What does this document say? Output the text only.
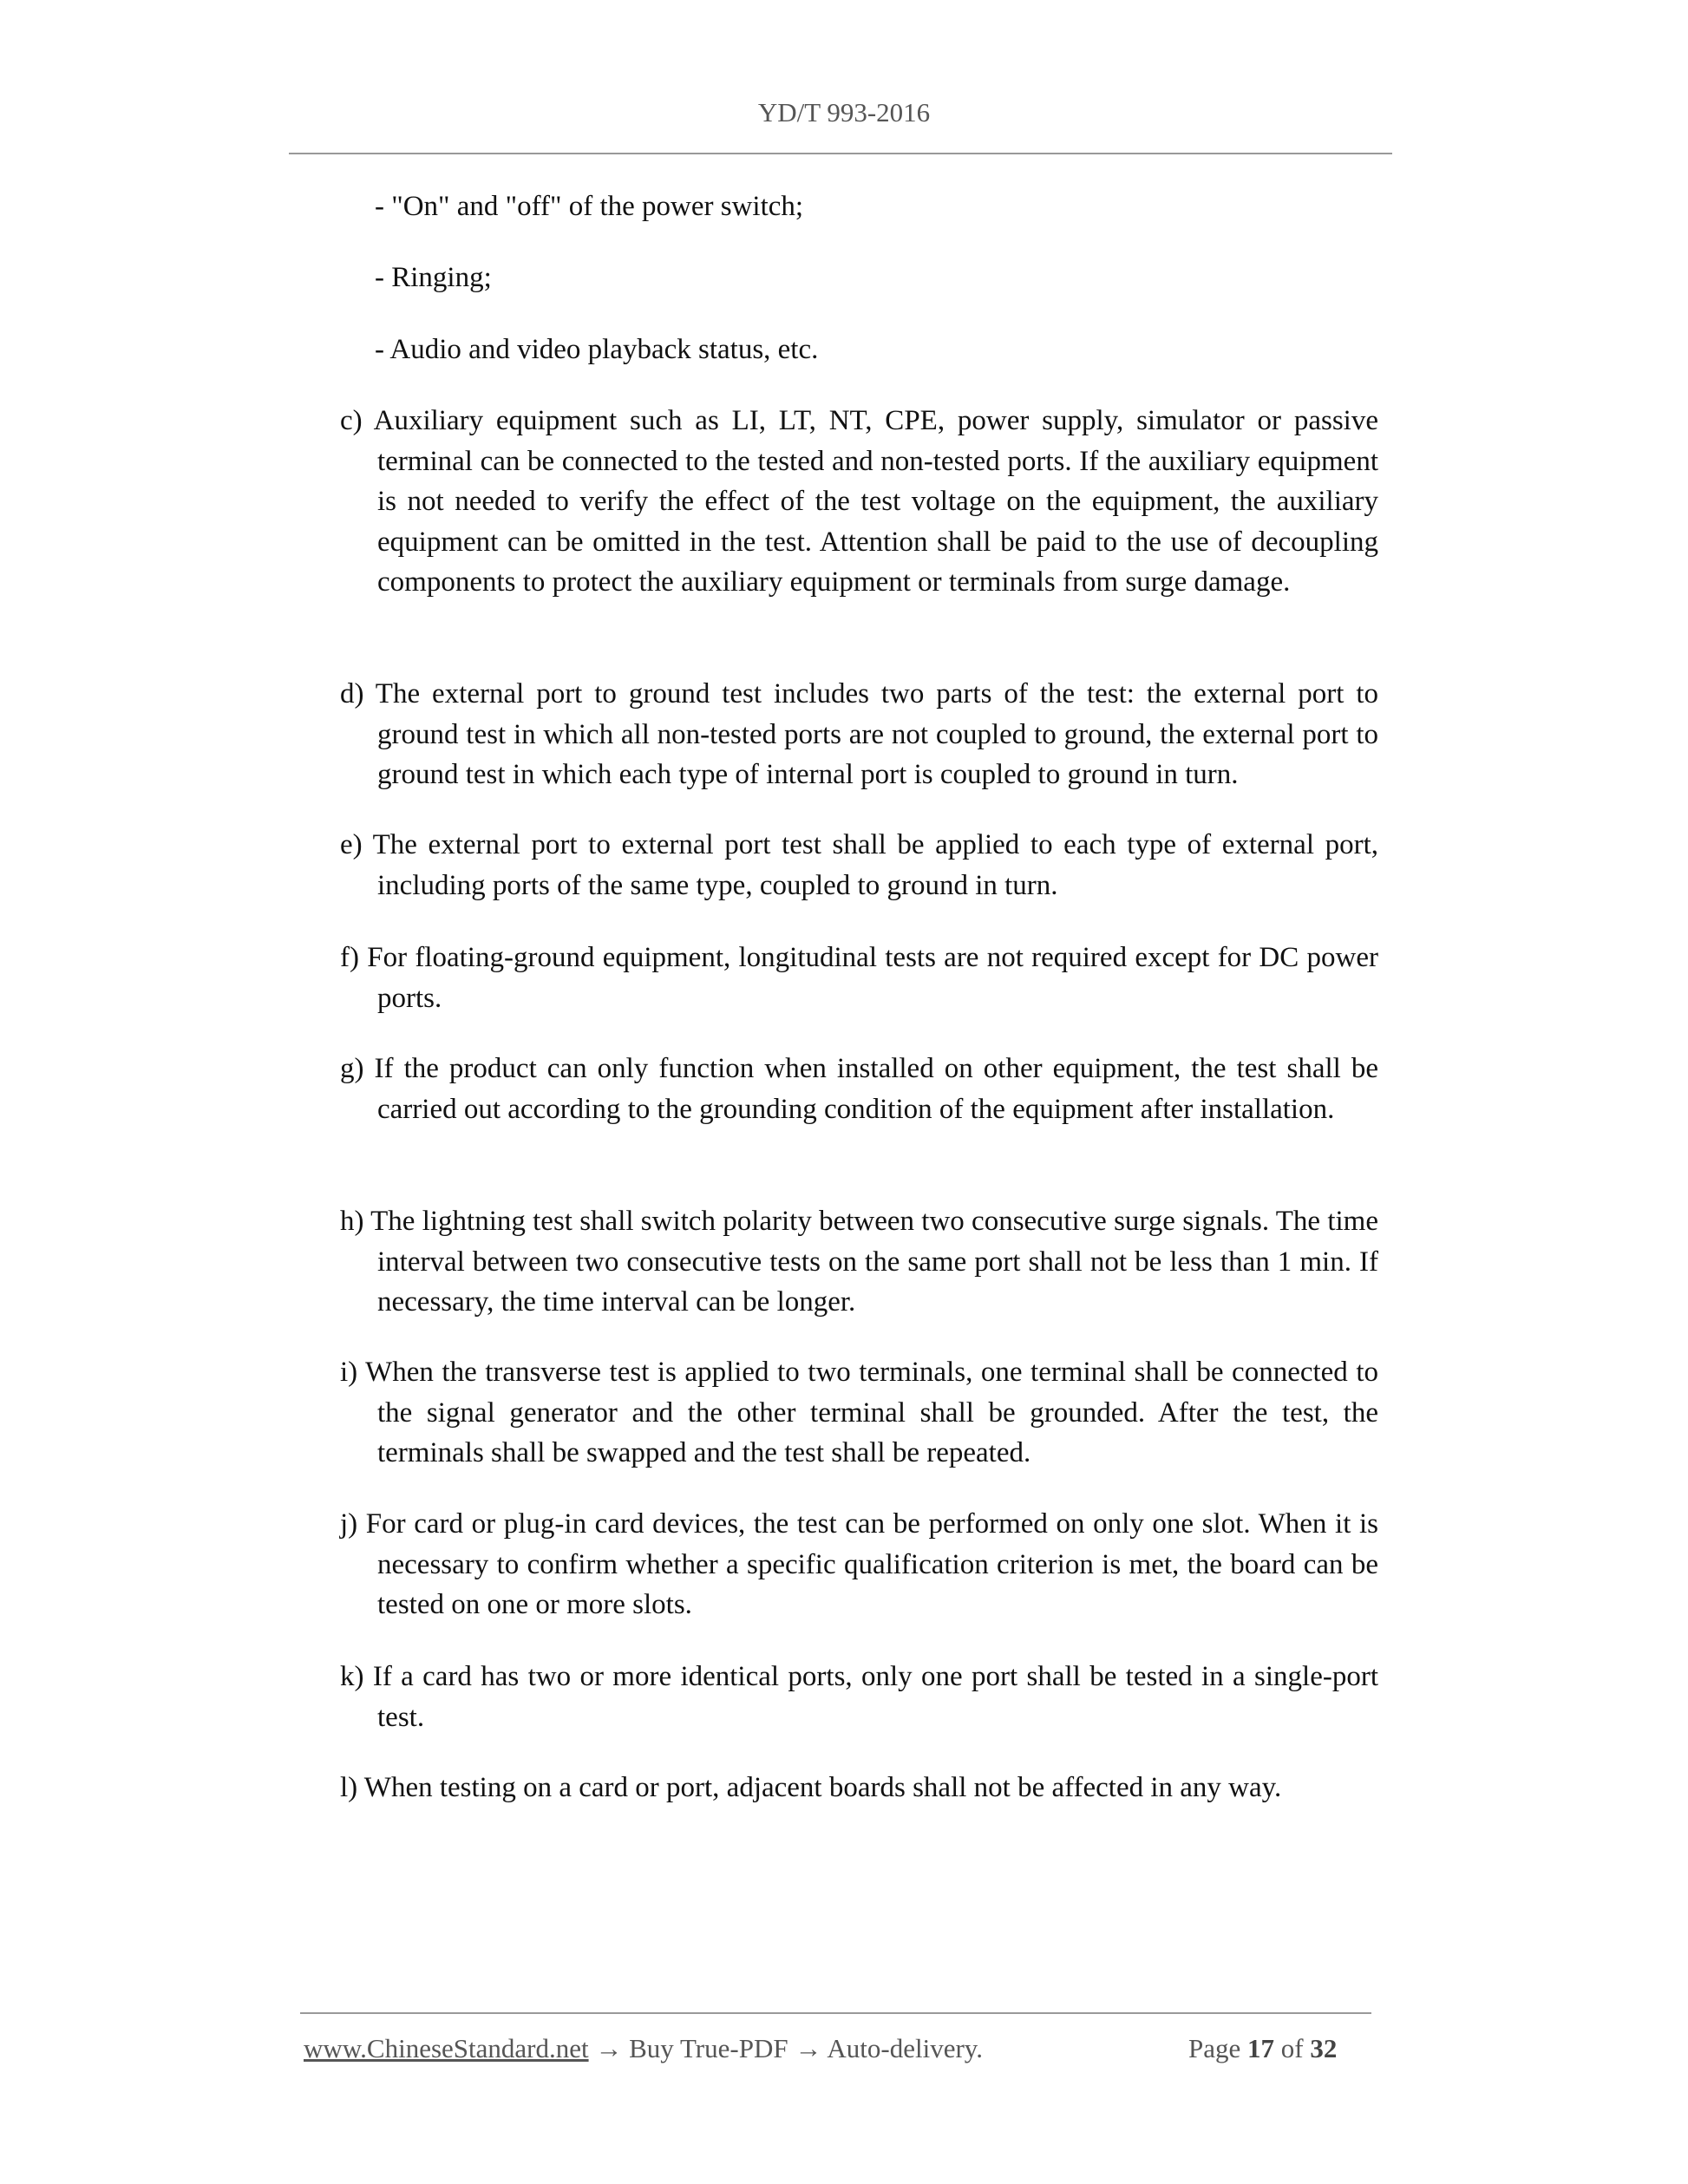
YD/T 993-2016
- "On" and "off" of the power switch;
- Ringing;
- Audio and video playback status, etc.
c) Auxiliary equipment such as LI, LT, NT, CPE, power supply, simulator or passive terminal can be connected to the tested and non-tested ports. If the auxiliary equipment is not needed to verify the effect of the test voltage on the equipment, the auxiliary equipment can be omitted in the test. Attention shall be paid to the use of decoupling components to protect the auxiliary equipment or terminals from surge damage.
d) The external port to ground test includes two parts of the test: the external port to ground test in which all non-tested ports are not coupled to ground, the external port to ground test in which each type of internal port is coupled to ground in turn.
e) The external port to external port test shall be applied to each type of external port, including ports of the same type, coupled to ground in turn.
f) For floating-ground equipment, longitudinal tests are not required except for DC power ports.
g) If the product can only function when installed on other equipment, the test shall be carried out according to the grounding condition of the equipment after installation.
h) The lightning test shall switch polarity between two consecutive surge signals. The time interval between two consecutive tests on the same port shall not be less than 1 min. If necessary, the time interval can be longer.
i) When the transverse test is applied to two terminals, one terminal shall be connected to the signal generator and the other terminal shall be grounded. After the test, the terminals shall be swapped and the test shall be repeated.
j) For card or plug-in card devices, the test can be performed on only one slot. When it is necessary to confirm whether a specific qualification criterion is met, the board can be tested on one or more slots.
k) If a card has two or more identical ports, only one port shall be tested in a single-port test.
l) When testing on a card or port, adjacent boards shall not be affected in any way.
www.ChineseStandard.net → Buy True-PDF → Auto-delivery.	Page 17 of 32
